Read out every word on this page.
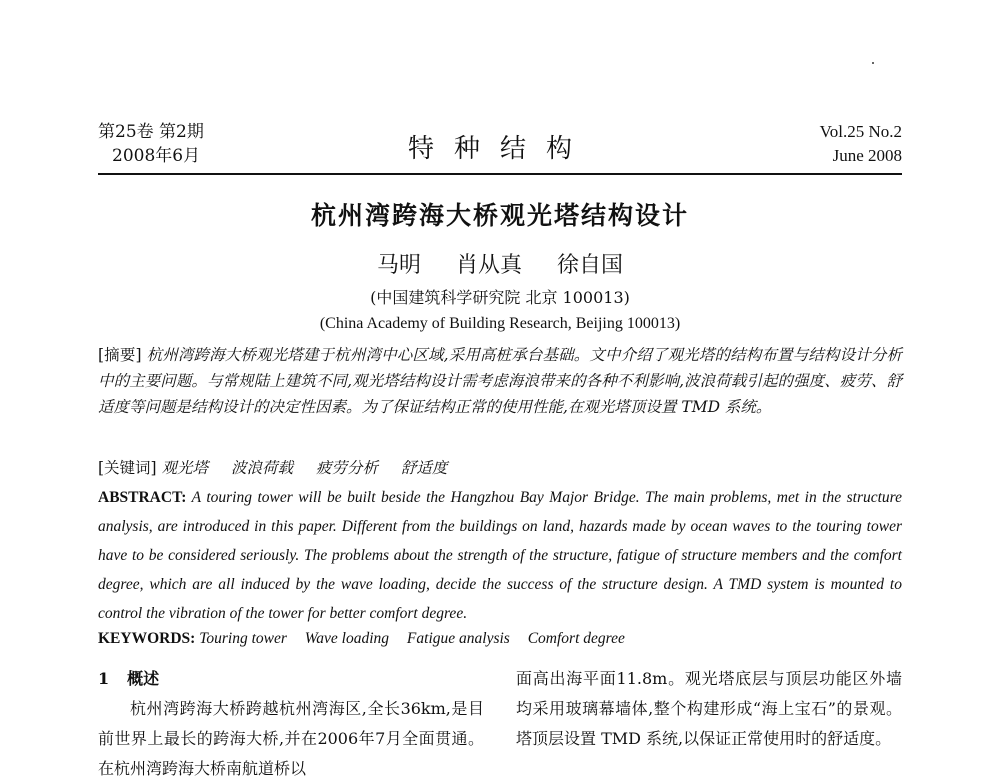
第25卷 第2期
2008年6月	特种结构
Vol.25 No.2
June 2008
杭州湾跨海大桥观光塔结构设计
马明 肖从真 徐自国
(中国建筑科学研究院 北京 100013)
(China Academy of Building Research, Beijing 100013)
[摘要] 杭州湾跨海大桥观光塔建于杭州湾中心区域,采用高桩承台基础。文中介绍了观光塔的结构布置与结构设计分析中的主要问题。与常规陆上建筑不同,观光塔结构设计需考虑海浪带来的各种不利影响,波浪荷载引起的强度、疲劳、舒适度等问题是结构设计的决定性因素。为了保证结构正常的使用性能,在观光塔顶设置 TMD 系统。
[关键词] 观光塔 波浪荷载 疲劳分析 舒适度
ABSTRACT: A touring tower will be built beside the Hangzhou Bay Major Bridge. The main problems, met in the structure analysis, are introduced in this paper. Different from the buildings on land, hazards made by ocean waves to the touring tower have to be considered seriously. The problems about the strength of the structure, fatigue of structure members and the comfort degree, which are all induced by the wave loading, decide the success of the structure design. A TMD system is mounted to control the vibration of the tower for better comfort degree.
KEYWORDS: Touring tower Wave loading Fatigue analysis Comfort degree
1 概述
杭州湾跨海大桥跨越杭州湾海区,全长36km,是目前世界上最长的跨海大桥,并在2006年7月全面贯通。在杭州湾跨海大桥南航道桥以
面高出海平面11.8m。观光塔底层与顶层功能区外墙均采用玻璃幕墙体,整个构建形成“海上宝石”的景观。塔顶层设置 TMD 系统,以保证正常使用时的舒适度。
